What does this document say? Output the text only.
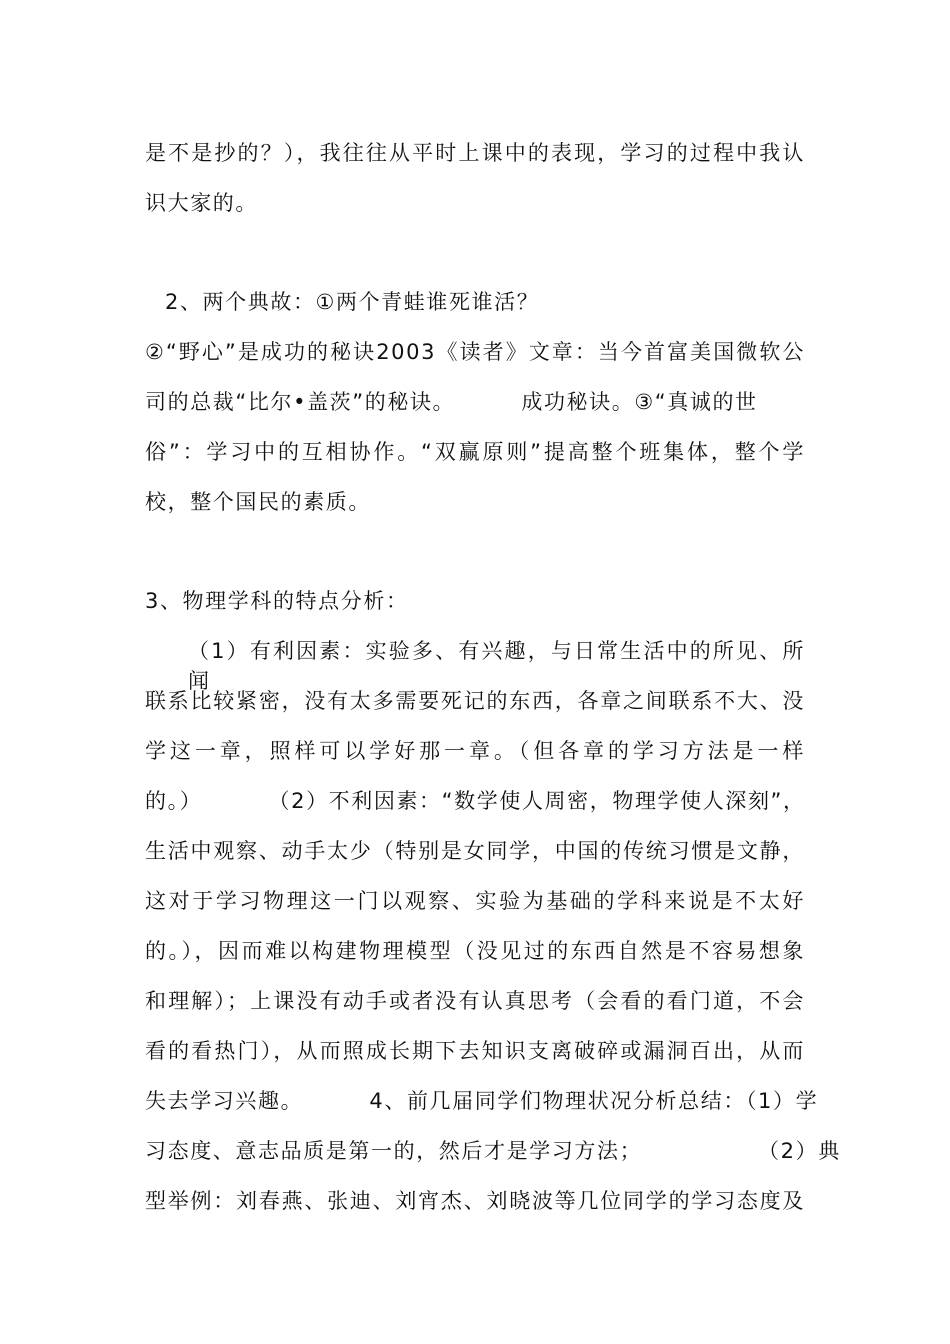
是不是抄的？），我往往从平时上课中的表现，学习的过程中我认
识大家的。
2、两个典故：①两个青蛙谁死谁活？
②“野心”是成功的秘诀2003《读者》文章：当今首富美国微软公
司的总裁“比尔•盖茨”的秘诀。        成功秘诀。③“真诚的世
俗”：学习中的互相协作。“双赢原则”提高整个班集体，整个学
校，整个国民的素质。
3、物理学科的特点分析：
（1）有利因素：实验多、有兴趣，与日常生活中的所见、所闻
联系比较紧密，没有太多需要死记的东西，各章之间联系不大、没
学这一章，照样可以学好那一章。（但各章的学习方法是一样
的。）        （2）不利因素：“数学使人周密，物理学使人深刻”，
生活中观察、动手太少（特别是女同学，中国的传统习惯是文静，
这对于学习物理这一门以观察、实验为基础的学科来说是不太好
的。），因而难以构建物理模型（没见过的东西自然是不容易想象
和理解）；上课没有动手或者没有认真思考（会看的看门道，不会
看的看热门），从而照成长期下去知识支离破碎或漏洞百出，从而
失去学习兴趣。        4、前几届同学们物理状况分析总结：（1）学
习态度、意志品质是第一的，然后才是学习方法；              （2）典
型举例：刘春燕、张迪、刘宵杰、刘晓波等几位同学的学习态度及
